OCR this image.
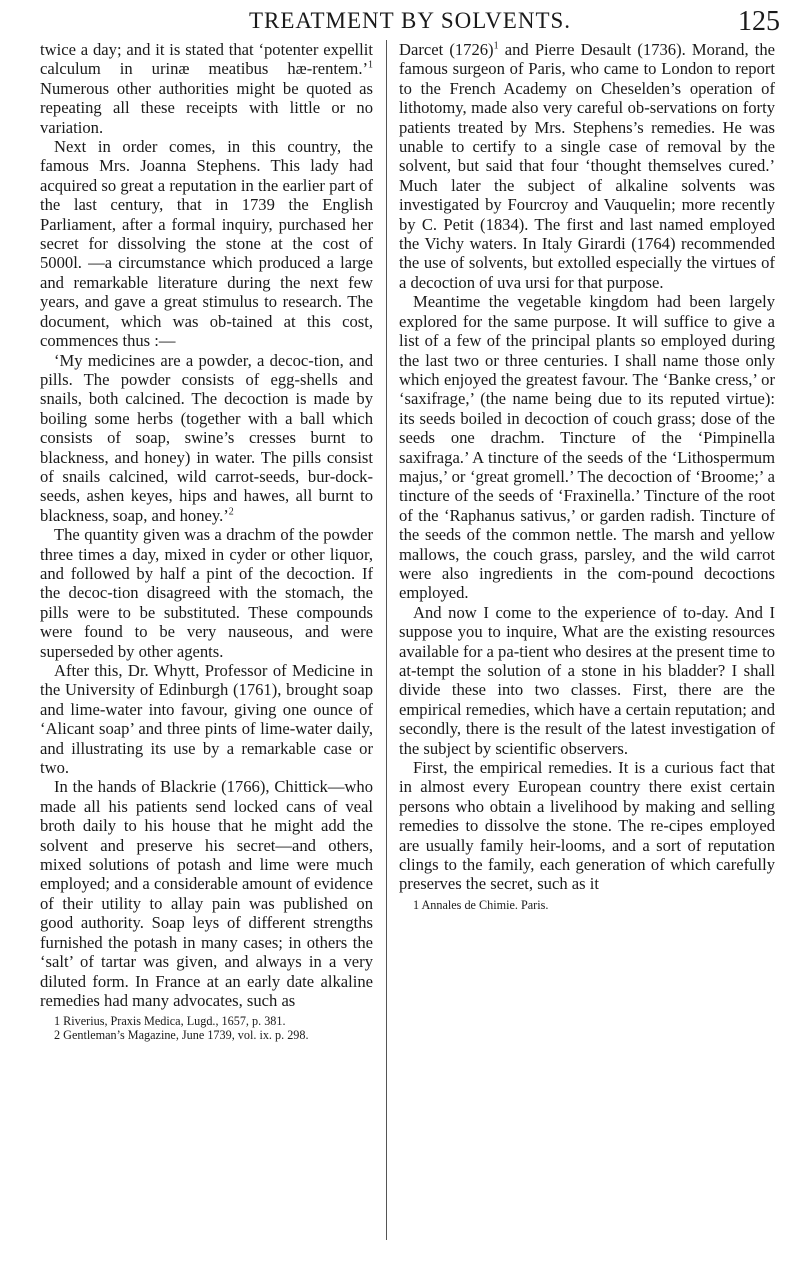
TREATMENT BY SOLVENTS.	125

twice a day; and it is stated that ‘potenter expellit calculum in urinæ meatibus hæ-rentem.’$^1$ Numerous other authorities might be quoted as repeating all these receipts with little or no variation.

Next in order comes, in this country, the famous Mrs. Joanna Stephens. This lady had acquired so great a reputation in the earlier part of the last century, that in 1739 the English Parliament, after a formal inquiry, purchased her secret for dissolving the stone at the cost of 5000l. —a circumstance which produced a large and remarkable literature during the next few years, and gave a great stimulus to research. The document, which was ob-tained at this cost, commences thus :—

‘My medicines are a powder, a decoc-tion, and pills. The powder consists of egg-shells and snails, both calcined. The decoction is made by boiling some herbs (together with a ball which consists of soap, swine’s cresses burnt to blackness, and honey) in water. The pills consist of snails calcined, wild carrot-seeds, bur-dock-seeds, ashen keyes, hips and hawes, all burnt to blackness, soap, and honey.’$^2$

The quantity given was a drachm of the powder three times a day, mixed in cyder or other liquor, and followed by half a pint of the decoction. If the decoc-tion disagreed with the stomach, the pills were to be substituted. These compounds were found to be very nauseous, and were superseded by other agents.

After this, Dr. Whytt, Professor of Medicine in the University of Edinburgh (1761), brought soap and lime-water into favour, giving one ounce of ‘Alicant soap’ and three pints of lime-water daily, and illustrating its use by a remarkable case or two.

In the hands of Blackrie (1766), Chittick—who made all his patients send locked cans of veal broth daily to his house that he might add the solvent and preserve his secret—and others, mixed solutions of potash and lime were much employed; and a considerable amount of evidence of their utility to allay pain was published on good authority. Soap leys of different strengths furnished the potash in many cases; in others the ‘salt’ of tartar was given, and always in a very diluted form. In France at an early date alkaline remedies had many advocates, such as

1 Riverius, Praxis Medica, Lugd., 1657, p. 381.

2 Gentleman’s Magazine, June 1739, vol. ix. p. 298.

Darcet $(1726)^1$ and Pierre Desault (1736). Morand, the famous surgeon of Paris, who came to London to report to the French Academy on Cheselden’s operation of lithotomy, made also very careful ob-servations on forty patients treated by Mrs. Stephens’s remedies. He was unable to certify to a single case of removal by the solvent, but said that four ‘thought themselves cured.’ Much later the subject of alkaline solvents was investigated by Fourcroy and Vauquelin; more recently by C. Petit (1834). The first and last named employed the Vichy waters. In Italy Girardi (1764) recommended the use of solvents, but extolled especially the virtues of a decoction of uva ursi for that purpose.

Meantime the vegetable kingdom had been largely explored for the same purpose. It will suffice to give a list of a few of the principal plants so employed during the last two or three centuries. I shall name those only which enjoyed the greatest favour. The ‘Banke cress,’ or ‘saxifrage,’ (the name being due to its reputed virtue): its seeds boiled in decoction of couch grass; dose of the seeds one drachm. Tincture of the ‘Pimpinella saxifraga.’ A tincture of the seeds of the ‘Lithospermum majus,’ or ‘great gromell.’ The decoction of ‘Broome;’ a tincture of the seeds of ‘Fraxinella.’ Tincture of the root of the ‘Raphanus sativus,’ or garden radish. Tincture of the seeds of the common nettle. The marsh and yellow mallows, the couch grass, parsley, and the wild carrot were also ingredients in the com-pound decoctions employed.

And now I come to the experience of to-day. And I suppose you to inquire, What are the existing resources available for a pa-tient who desires at the present time to at-tempt the solution of a stone in his bladder? I shall divide these into two classes. First, there are the empirical remedies, which have a certain reputation; and secondly, there is the result of the latest investigation of the subject by scientific observers.

First, the empirical remedies. It is a curious fact that in almost every European country there exist certain persons who obtain a livelihood by making and selling remedies to dissolve the stone. The re-cipes employed are usually family heir-looms, and a sort of reputation clings to the family, each generation of which carefully preserves the secret, such as it

1 Annales de Chimie. Paris.
